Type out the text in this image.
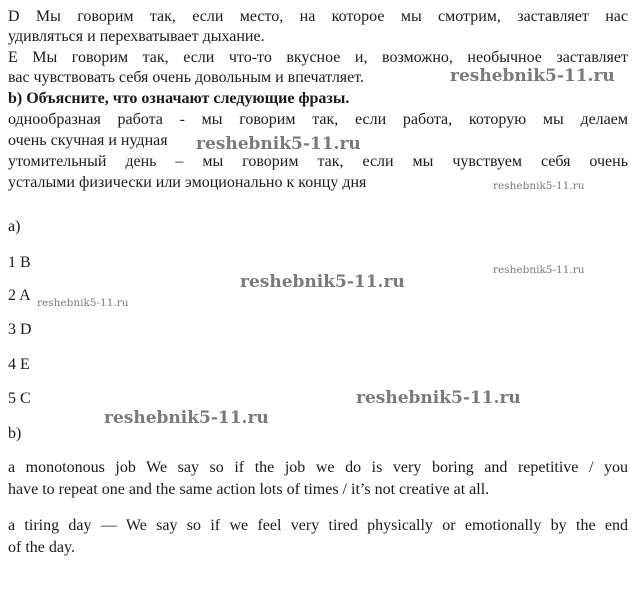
D Мы говорим так, если место, на которое мы смотрим, заставляет нас
удивляться и перехватывает дыхание.
E Мы говорим так, если что-то вкусное и, возможно, необычное заставляет
вас чувствовать себя очень довольным и впечатляет.
b) Объясните, что означают следующие фразы.
однообразная работа - мы говорим так, если работа, которую мы делаем
очень скучная и нудная
утомительный день – мы говорим так, если мы чувствуем себя очень
усталыми физически или эмоционально к концу дня
a)
1 B
2 A
3 D
4 E
5 C
b)
a monotonous job We say so if the job we do is very boring and repetitive / you
have to repeat one and the same action lots of times / it’s not creative at all.
a tiring day — We say so if we feel very tired physically or emotionally by the end
of the day.
reshebnik5-11.ru
reshebnik5-11.ru
reshebnik5-11.ru
reshebnik5-11.ru
reshebnik5-11.ru
reshebnik5-11.ru
reshebnik5-11.ru
reshebnik5-11.ru
